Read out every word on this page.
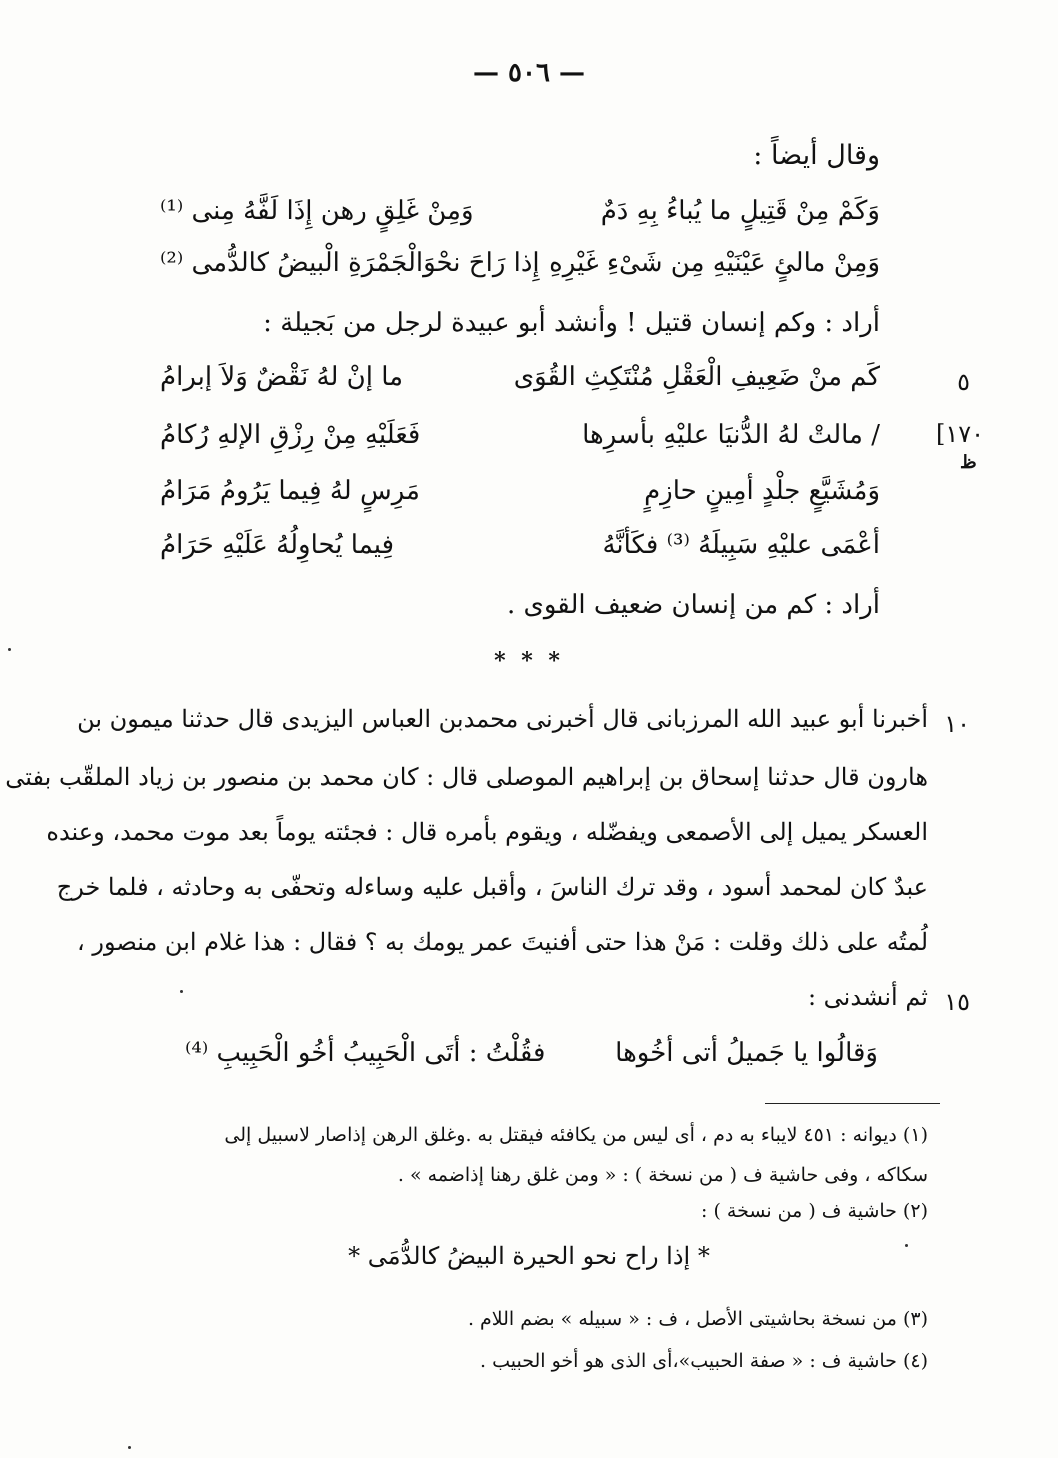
— ٥٠٦ —
وقال أيضاً :
وَكَمْ مِنْ قَتِيلٍ ما يُباءُ بِهِ دَمٌ
وَمِنْ غَلِقٍ رهن إِذَا لَفَّهُ مِنى ⁽¹⁾
وَمِنْ مالئٍ عَيْنَيْهِ مِن شَىْءِ غَيْرِهِ
إِذا رَاحَ نحْوَالْجَمْرَةِ الْبيضُ كالدُّمى ⁽²⁾
أراد : وكم إنسان قتيل ! وأنشد أبو عبيدة لرجل من بَجيلة :
٥
كَم منْ ضَعِيفِ الْعَقْلِ مُنْتَكِثِ القُوَى
ما إنْ لهُ نَقْضٌ وَلاَ إبرامُ
[١٧٠
ظ
/ مالتْ لهُ الدُّنيَا عليْهِ بأسرِها
فَعَلَيْهِ مِنْ رِزْقِ الإلهِ رُكامُ
وَمُشَيَّعٍ جلْدٍ أمِينٍ حازِمٍ
مَرِسٍ لهُ فِيما يَرُومُ مَرَامُ
أعْمَى عليْهِ سَبِيلَهُ ⁽³⁾ فكَأنَّهُ
فِيما يُحاوِلُهُ عَلَيْهِ حَرَامُ
أراد : كم من إنسان ضعيف القوى .
* * *
١٠
أخبرنا أبو عبيد الله المرزبانى قال أخبرنى محمدبن العباس اليزيدى قال حدثنا ميمون بن
هارون قال حدثنا إسحاق بن إبراهيم الموصلى قال : كان محمد بن منصور بن زياد الملقّب بفتى
العسكر يميل إلى الأصمعى ويفضّله ، ويقوم بأمره قال : فجئته يوماً بعد موت محمد، وعنده
عبدٌ كان لمحمد أسود ، وقد ترك الناسَ ، وأقبل عليه وساءله وتحفّى به وحادثه ، فلما خرج
لُمتُه على ذلك وقلت : مَنْ هذا حتى أفنيتَ عمر يومك به ؟ فقال : هذا غلام ابن منصور ،
١٥
ثم أنشدنى :
وَقالُوا يا جَميلُ أتى أخُوها
فقُلْتُ : أتَى الْحَبِيبُ أخُو الْحَبِيبِ ⁽⁴⁾
(١) ديوانه : ٤٥١ لايباء به دم ، أى ليس من يكافئه فيقتل به .وغلق الرهن إذاصار لاسبيل إلى
سكاكه ، وفى حاشية ف ( من نسخة ) : « ومن غلق رهنا إذاضمه » .
(٢) حاشية ف ( من نسخة ) :
* إذا راح نحو الحيرة البيضُ كالدُّمَى *
(٣) من نسخة بحاشيتى الأصل ، ف : « سبيله » بضم اللام .
(٤) حاشية ف : « صفة الحبيب»،أى الذى هو أخو الحبيب .
